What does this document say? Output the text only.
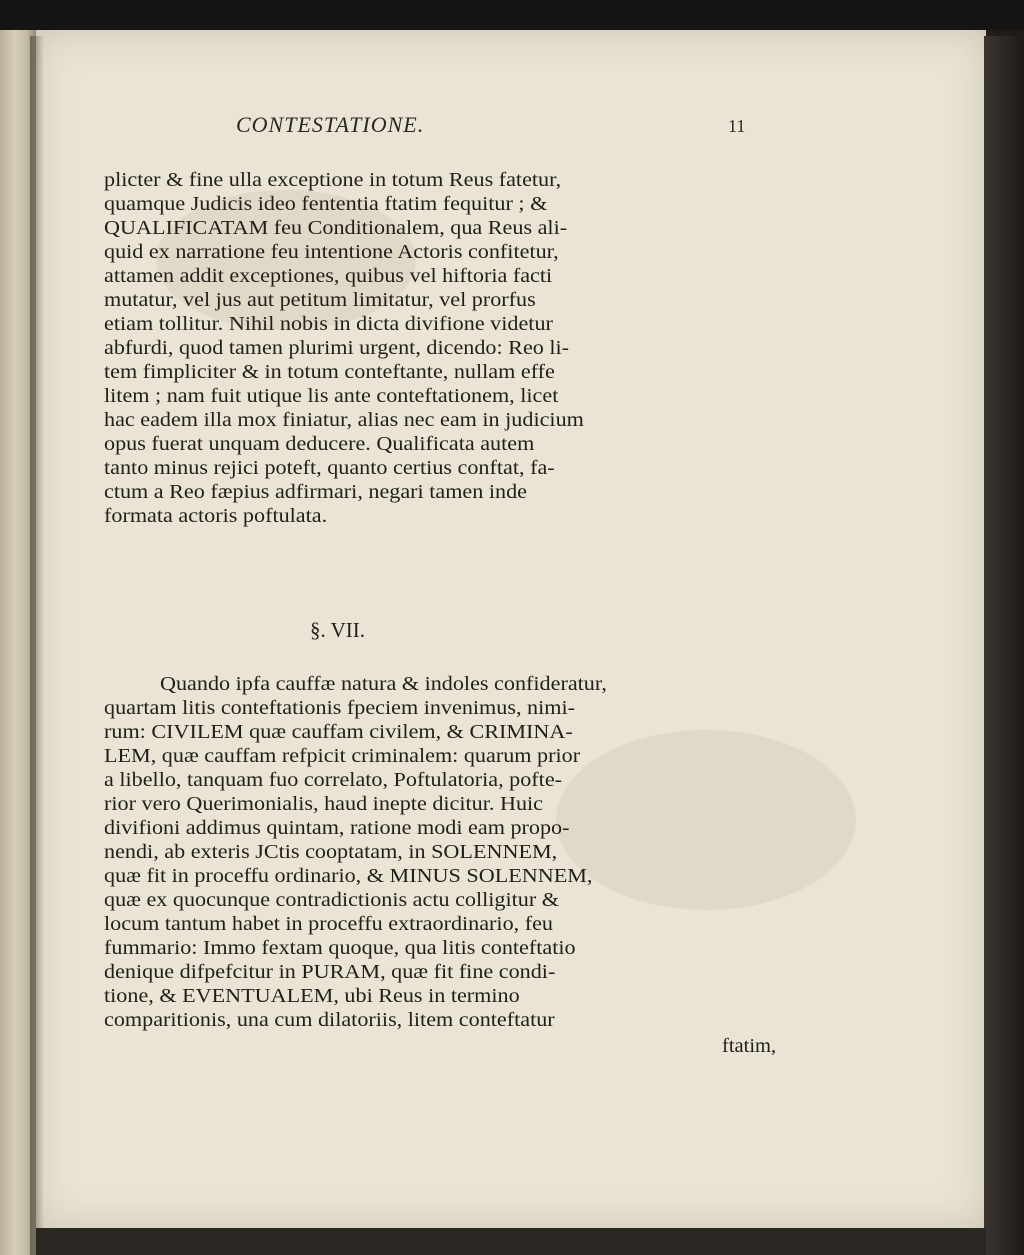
CONTESTATIONE.	11
plicter & fine ulla exceptione in totum Reus fatetur,
quamque Judicis ideo fententia ftatim fequitur ; &
QUALIFICATAM feu Conditionalem, qua Reus ali-
quid ex narratione feu intentione Actoris confitetur,
attamen addit exceptiones, quibus vel hiftoria facti
mutatur, vel jus aut petitum limitatur, vel prorfus
etiam tollitur. Nihil nobis in dicta divifione videtur
abfurdi, quod tamen plurimi urgent, dicendo: Reo li-
tem fimpliciter & in totum conteftante, nullam effe
litem ; nam fuit utique lis ante conteftationem, licet
hac eadem illa mox finiatur, alias nec eam in judicium
opus fuerat unquam deducere. Qualificata autem
tanto minus rejici poteft, quanto certius conftat, fa-
ctum a Reo fæpius adfirmari, negari tamen inde
formata actoris poftulata.
§. VII.
Quando ipfa cauffæ natura & indoles confideratur,
quartam litis conteftationis fpeciem invenimus, nimi-
rum: CIVILEM quæ cauffam civilem, & CRIMINA-
LEM, quæ cauffam refpicit criminalem: quarum prior
a libello, tanquam fuo correlato, Poftulatoria, pofte-
rior vero Querimonialis, haud inepte dicitur. Huic
divifioni addimus quintam, ratione modi eam propo-
nendi, ab exteris JCtis cooptatam, in SOLENNEM,
quæ fit in proceffu ordinario, & MINUS SOLENNEM,
quæ ex quocunque contradictionis actu colligitur &
locum tantum habet in proceffu extraordinario, feu
fummario: Immo fextam quoque, qua litis conteftatio
denique difpefcitur in PURAM, quæ fit fine condi-
tione, & EVENTUALEM, ubi Reus in termino
comparitionis, una cum dilatoriis, litem conteftatur
ftatim,
